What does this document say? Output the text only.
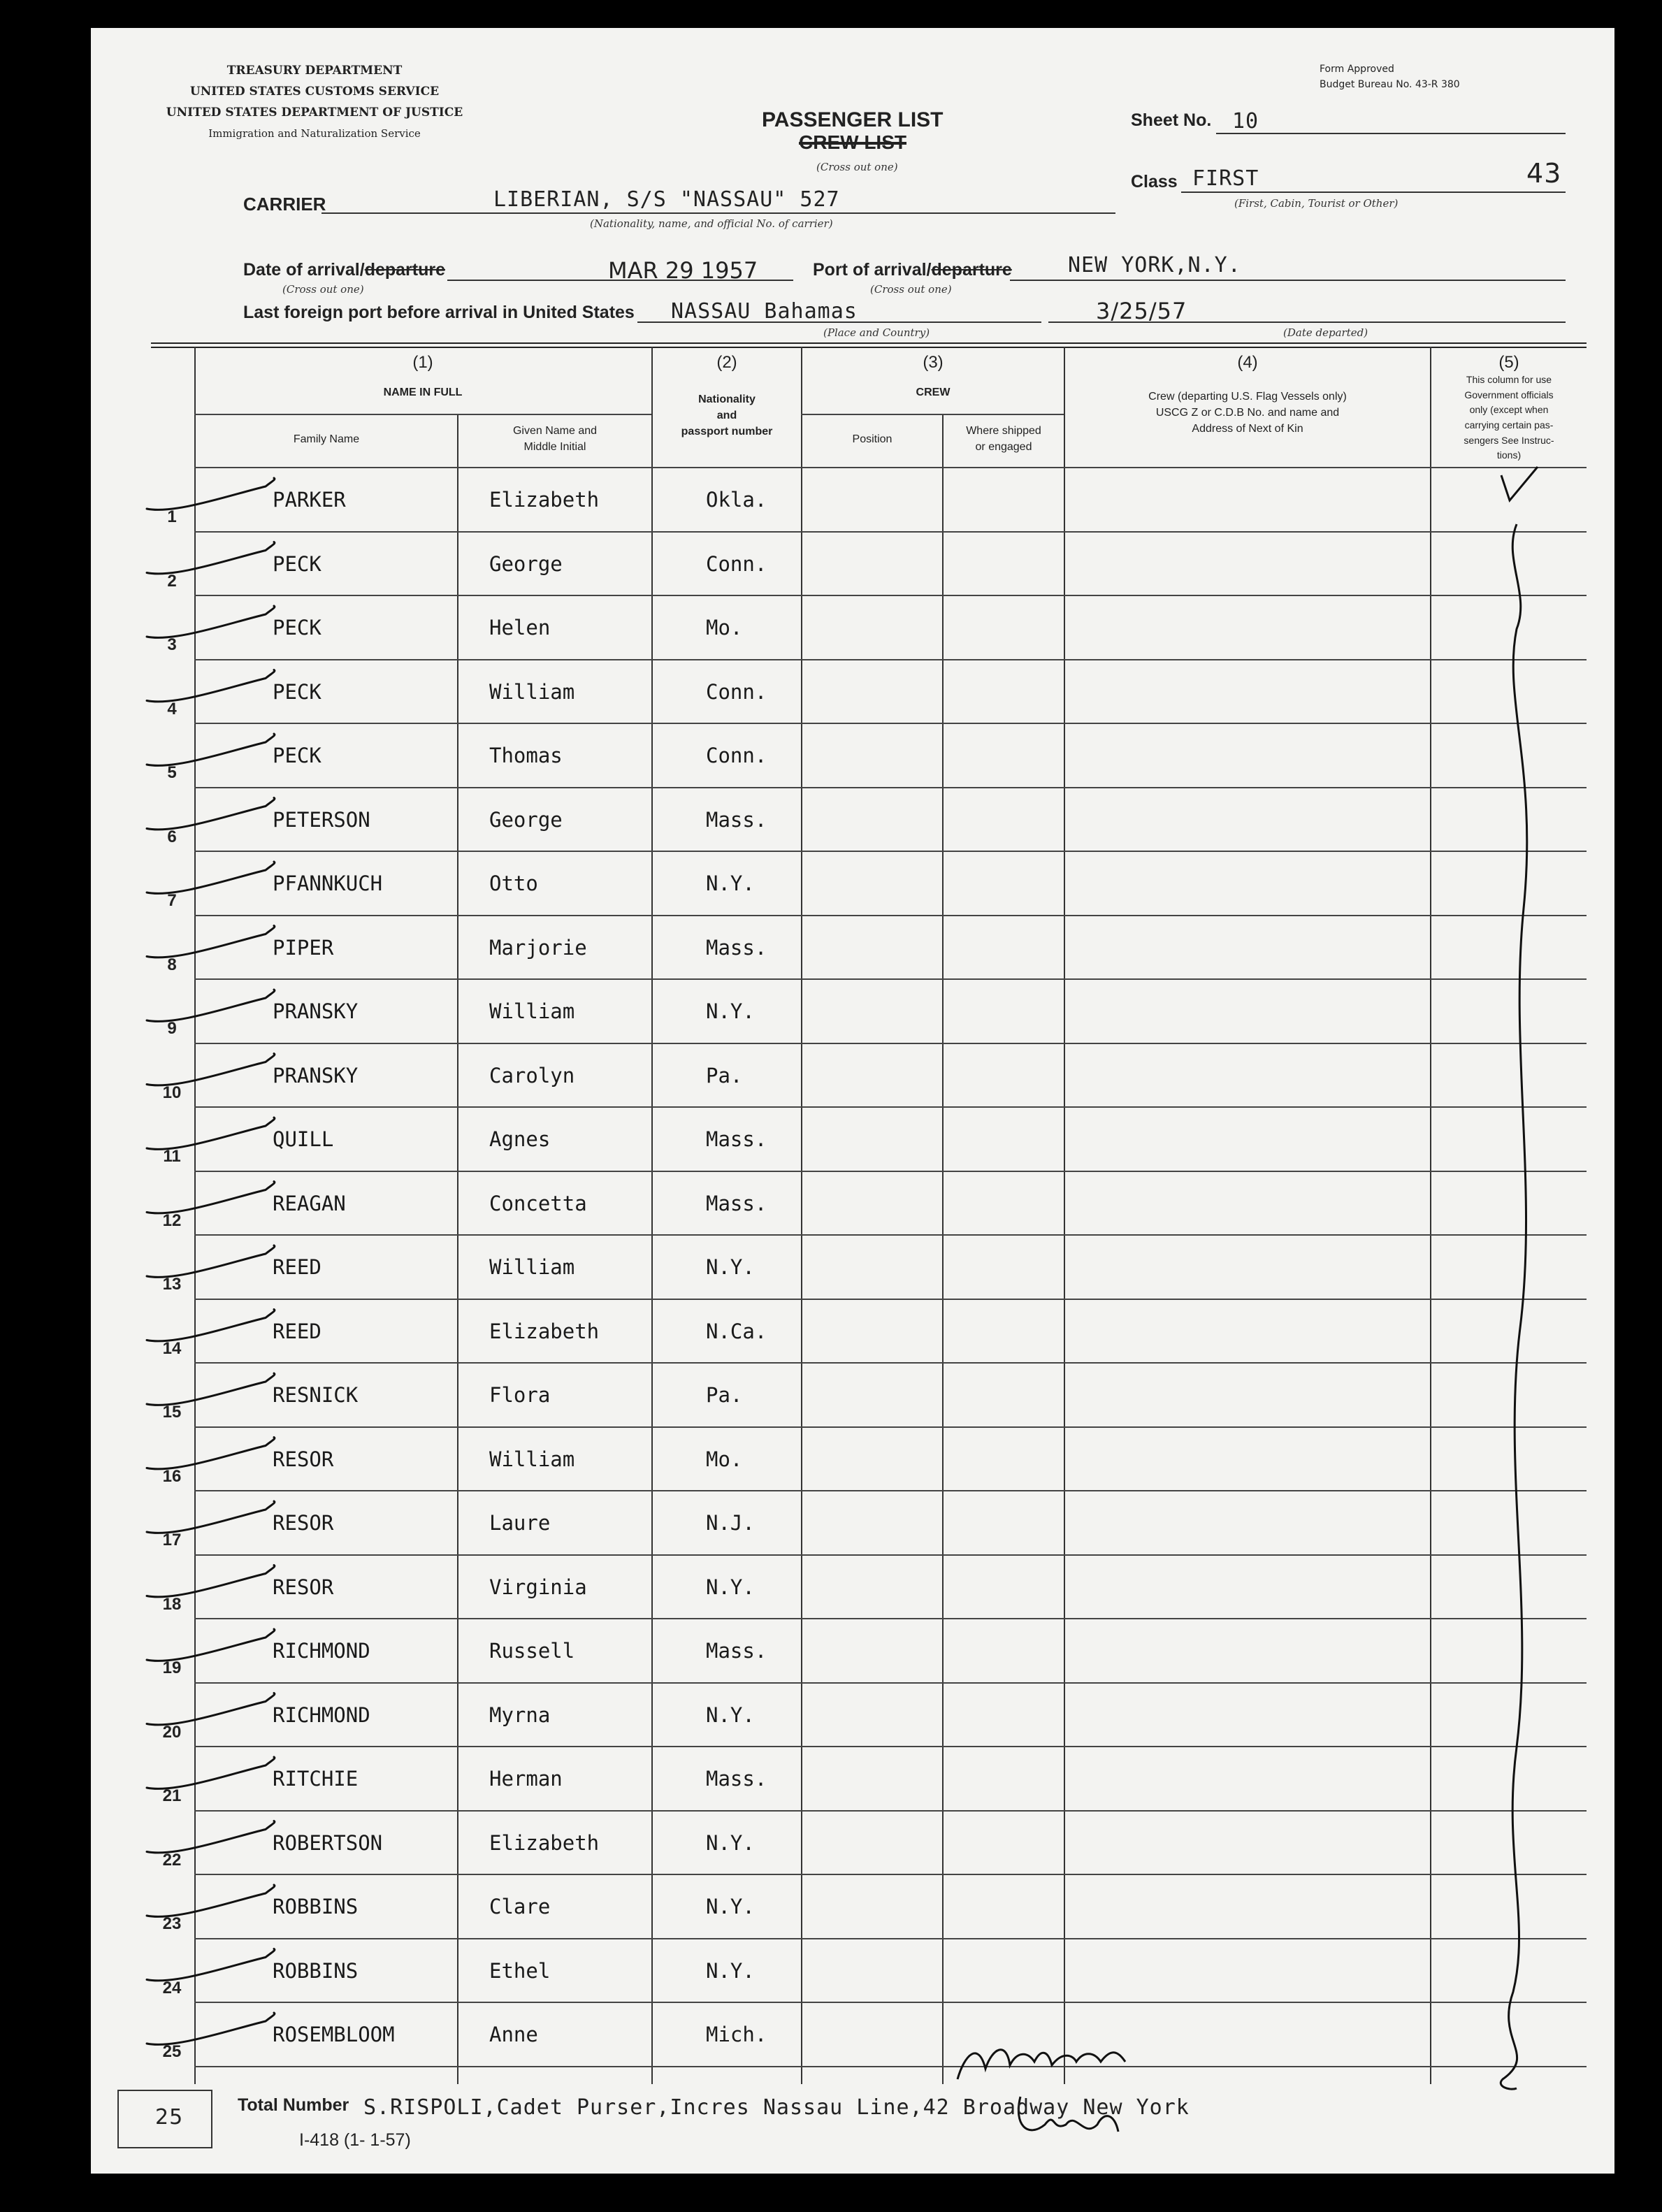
TREASURY DEPARTMENT
UNITED STATES CUSTOMS SERVICE
UNITED STATES DEPARTMENT OF JUSTICE
Immigration and Naturalization Service
Form Approved
Budget Bureau No. 43-R 380
PASSENGER LIST
CREW LIST
(Cross out one)
Sheet No. 10
Class FIRST	43
(First, Cabin, Tourist or Other)
CARRIER	LIBERIAN, S/S "NASSAU" 527
(Nationality, name, and official No. of carrier)
Date of arrival/departure
(Cross out one)
MAR 29 1957	Port of arrival/departure
(Cross out one)
NEW YORK,N.Y.
Last foreign port before arrival in United States NASSAU Bahamas
(Place and Country)
3/25/57
(Date departed)
(1)
NAME IN FULL
Family Name
Given Name and
Middle Initial
(2)
Nationality
and
passport number
(3)
CREW
Position
Where shipped
or engaged
(4)
Crew (departing U.S. Flag Vessels only)
USCG Z or C.D.B No. and name and
Address of Next of Kin
(5)
This column for use
Government officials
only (except when
carrying certain pas-
sengers See Instruc-
tions)
1
PARKER	Elizabeth	Okla.
2
PECK	George	Conn.
3
PECK	Helen	Mo.
4
PECK	William	Conn.
5
PECK	Thomas	Conn.
6
PETERSON	George	Mass.
7
PFANNKUCH	Otto	N.Y.
8
PIPER	Marjorie	Mass.
9
PRANSKY	William	N.Y.
10
PRANSKY	Carolyn	Pa.
11
QUILL	Agnes	Mass.
12
REAGAN	Concetta	Mass.
13
REED	William	N.Y.
14
REED	Elizabeth	N.Ca.
15
RESNICK	Flora	Pa.
16
RESOR	William	Mo.
17
RESOR	Laure	N.J.
18
RESOR	Virginia	N.Y.
19
RICHMOND	Russell	Mass.
20
RICHMOND	Myrna	N.Y.
21
RITCHIE	Herman	Mass.
22
ROBERTSON	Elizabeth	N.Y.
23
ROBBINS	Clare	N.Y.
24
ROBBINS	Ethel	N.Y.
25
ROSEMBLOOM	Anne	Mich.
25	Total Number S.RISPOLI,Cadet Purser,Incres Nassau Line,42 Broadway New York
I-418 (1- 1-57)
